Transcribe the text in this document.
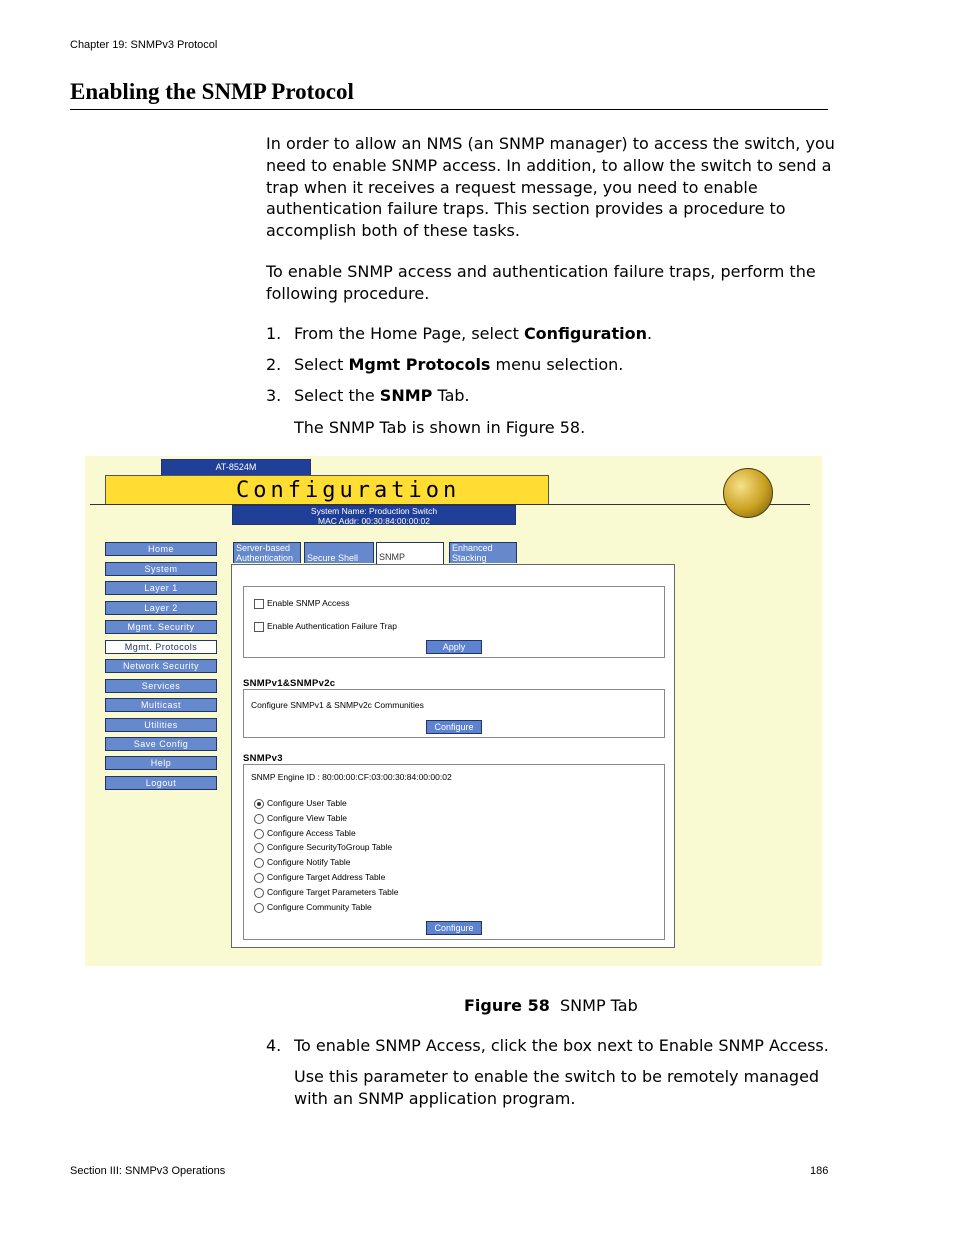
Chapter 19: SNMPv3 Protocol
Enabling the SNMP Protocol
In order to allow an NMS (an SNMP manager) to access the switch, you
need to enable SNMP access. In addition, to allow the switch to send a
trap when it receives a request message, you need to enable
authentication failure traps. This section provides a procedure to
accomplish both of these tasks.
To enable SNMP access and authentication failure traps, perform the
following procedure.
1. From the Home Page, select Configuration.
2. Select Mgmt Protocols menu selection.
3. Select the SNMP Tab.
The SNMP Tab is shown in Figure 58.
AT-8524M
Configuration
System Name: Production Switch
MAC Addr: 00:30:84:00:00:02
Home
System
Layer 1
Layer 2
Mgmt. Security
Mgmt. Protocols
Network Security
Services
Multicast
Utilities
Save Config
Help
Logout
Server-based
Authentication	Secure Shell	SNMP
Enhanced
Stacking
Enable SNMP Access
Enable Authentication Failure Trap
Apply
SNMPv1&SNMPv2c
Configure SNMPv1 & SNMPv2c Communities
Configure
SNMPv3
SNMP Engine ID : 80:00:00:CF:03:00:30:84:00:00:02
Configure User Table
Configure View Table
Configure Access Table
Configure SecurityToGroup Table
Configure Notify Table
Configure Target Address Table
Configure Target Parameters Table
Configure Community Table
Configure
Figure 58 SNMP Tab
4. To enable SNMP Access, click the box next to Enable SNMP Access.
Use this parameter to enable the switch to be remotely managed
with an SNMP application program.
Section III: SNMPv3 Operations	186
